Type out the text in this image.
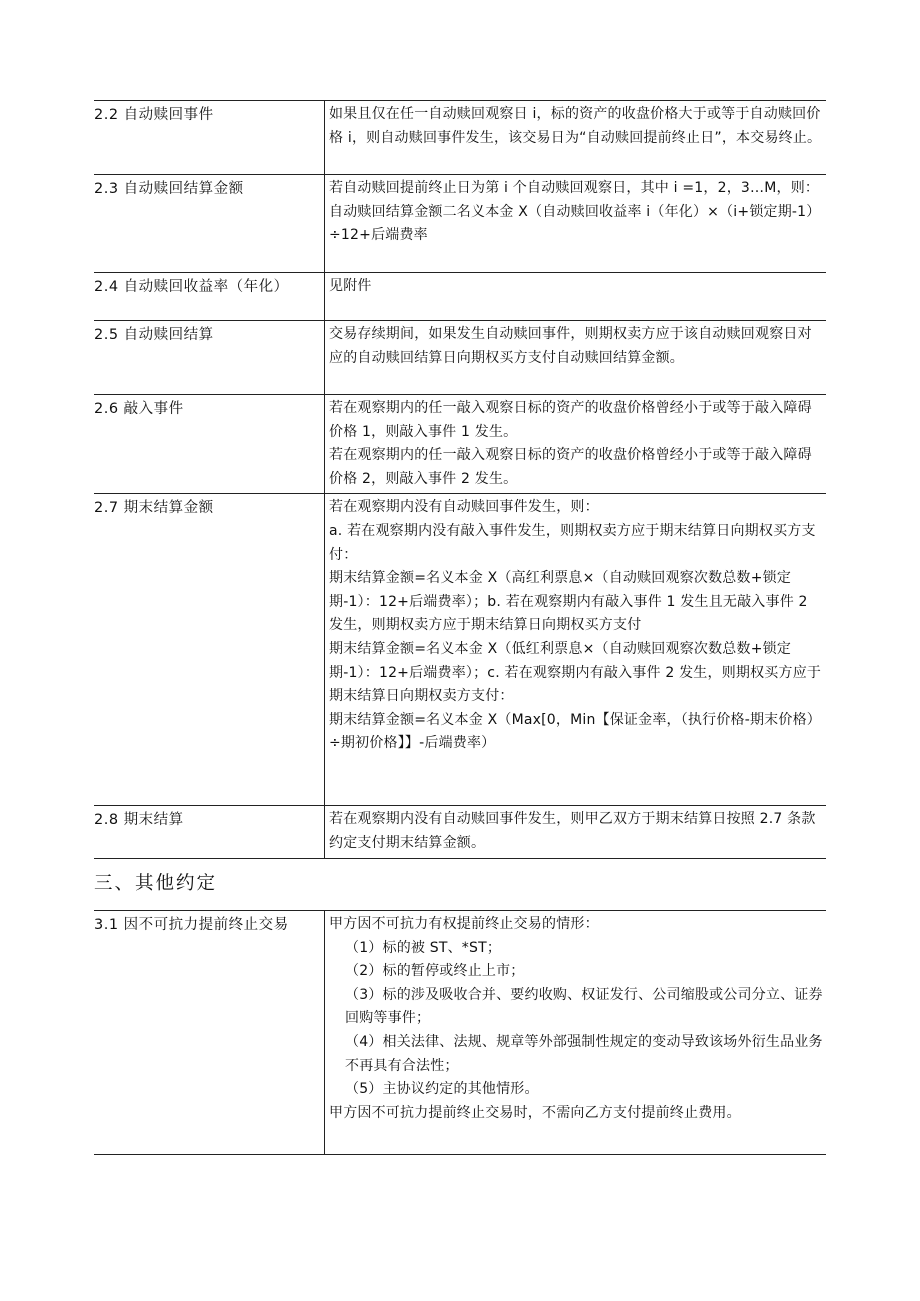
2.2 自动赎回事件	如果且仅在任一自动赎回观察日 i，标的资产的收盘价格大于或等于自动赎回价格 i，则自动赎回事件发生，该交易日为“自动赎回提前终止日”，本交易终止。

2.3 自动赎回结算金额	若自动赎回提前终止日为第 i 个自动赎回观察日，其中 i =1，2，3…M，则：

自动赎回结算金额二名义本金 X（自动赎回收益率 i（年化）×（i+锁定期-1）÷12+后端费率

2.4 自动赎回收益率（年化）	见附件

2.5 自动赎回结算	交易存续期间，如果发生自动赎回事件，则期权卖方应于该自动赎回观察日对应的自动赎回结算日向期权买方支付自动赎回结算金额。

2.6 敲入事件	若在观察期内的任一敲入观察日标的资产的收盘价格曾经小于或等于敲入障碍价格 1，则敲入事件 1 发生。

若在观察期内的任一敲入观察日标的资产的收盘价格曾经小于或等于敲入障碍价格 2，则敲入事件 2 发生。

2.7 期末结算金额	若在观察期内没有自动赎回事件发生，则：

a. 若在观察期内没有敲入事件发生，则期权卖方应于期末结算日向期权买方支付：

期末结算金额=名义本金 X（高红利票息×（自动赎回观察次数总数+锁定期-1）：12+后端费率）；b. 若在观察期内有敲入事件 1 发生且无敲入事件 2 发生，则期权卖方应于期末结算日向期权买方支付

期末结算金额=名义本金 X（低红利票息×（自动赎回观察次数总数+锁定期-1）：12+后端费率）；c. 若在观察期内有敲入事件 2 发生，则期权买方应于期末结算日向期权卖方支付：

期末结算金额=名义本金 X（Max[0，Min【保证金率，（执行价格-期末价格）÷期初价格】】-后端费率）

2.8 期末结算	若在观察期内没有自动赎回事件发生，则甲乙双方于期末结算日按照 2.7 条款约定支付期末结算金额。

三、其他约定
3.1 因不可抗力提前终止交易	甲方因不可抗力有权提前终止交易的情形：

（1）标的被 ST、*ST；

（2）标的暂停或终止上市；

（3）标的涉及吸收合并、要约收购、权证发行、公司缩股或公司分立、证券回购等事件；

（4）相关法律、法规、规章等外部强制性规定的变动导致该场外衍生品业务不再具有合法性；

（5）主协议约定的其他情形。

甲方因不可抗力提前终止交易时，不需向乙方支付提前终止费用。
